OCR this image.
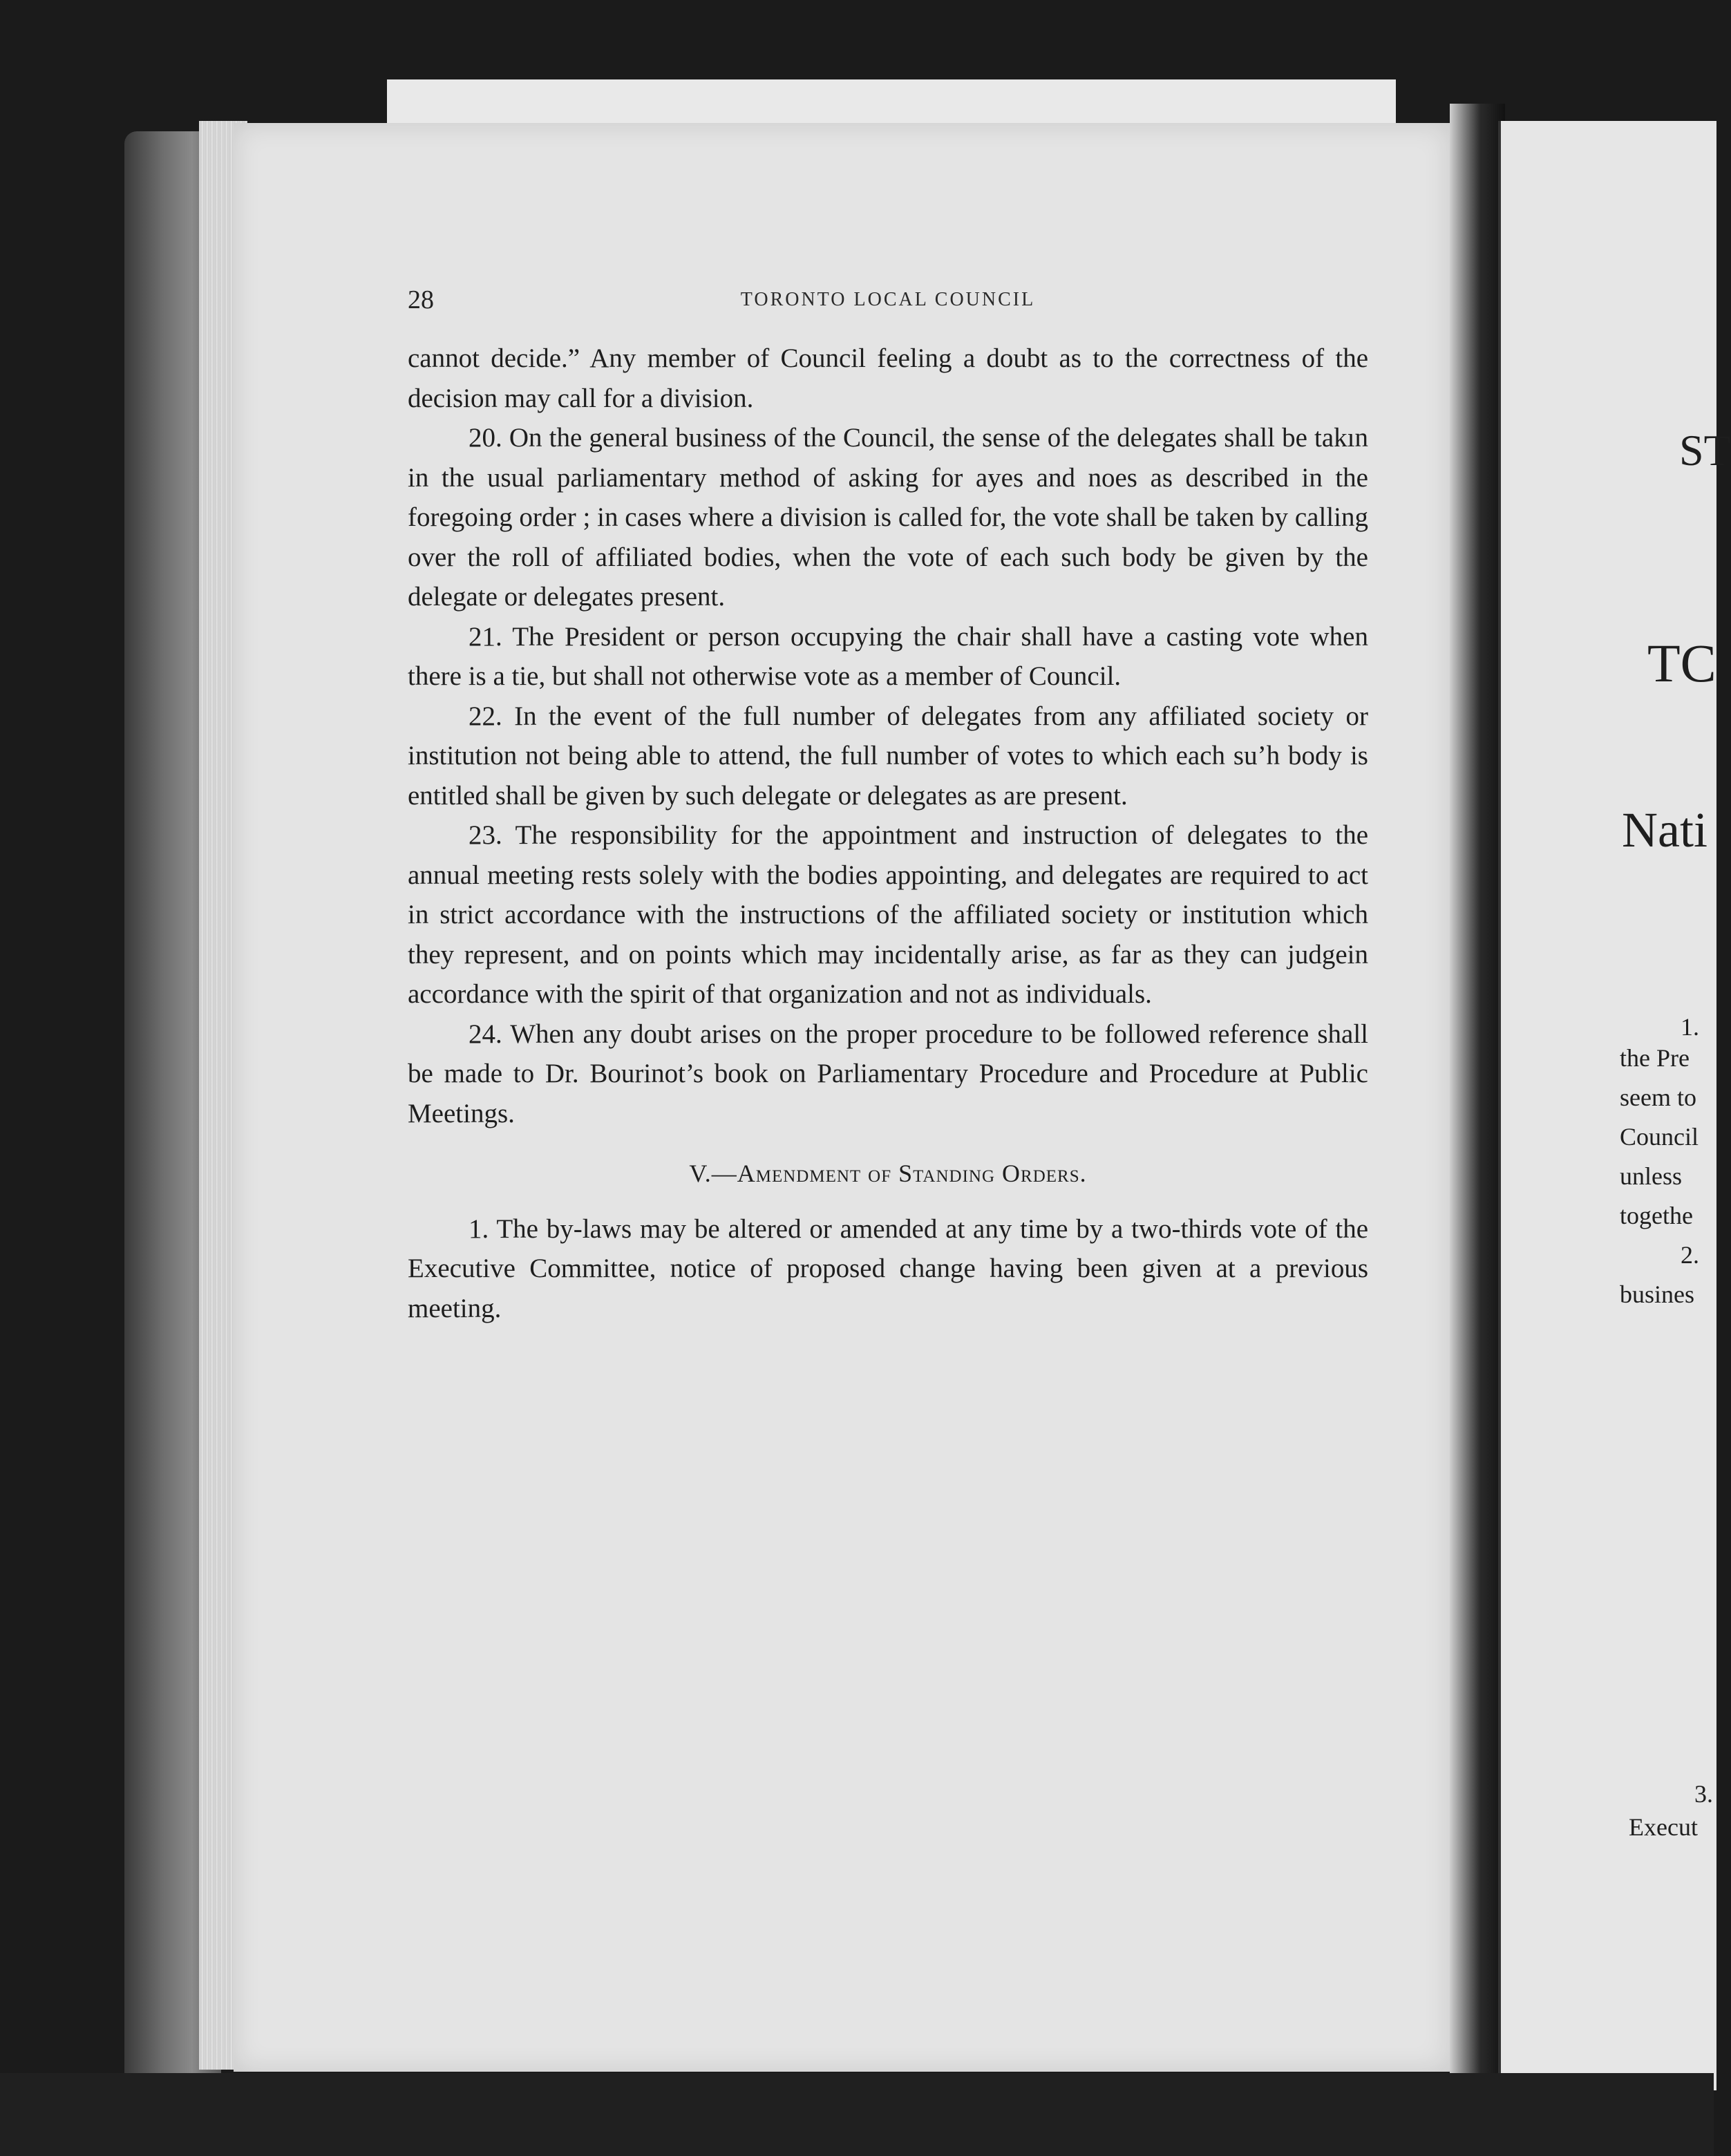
28	TORONTO LOCAL COUNCIL

cannot decide.” Any member of Council feeling a doubt as to the correctness of the decision may call for a division.

20. On the general business of the Council, the sense of the delegates shall be takın in the usual parliamentary method of asking for ayes and noes as described in the foregoing order ; in cases where a division is called for, the vote shall be taken by calling over the roll of affiliated bodies, when the vote of each such body be given by the delegate or delegates present.

21. The President or person occupying the chair shall have a casting vote when there is a tie, but shall not otherwise vote as a member of Council.

22. In the event of the full number of delegates from any affiliated society or institution not being able to attend, the full number of votes to which each suʼh body is entitled shall be given by such delegate or delegates as are present.

23. The responsibility for the appointment and instruction of delegates to the annual meeting rests solely with the bodies appointing, and delegates are required to act in strict accordance with the instructions of the affiliated society or institution which they represent, and on points which may incidentally arise, as far as they can judgein accordance with the spirit of that organization and not as individuals.

24. When any doubt arises on the proper procedure to be followed reference shall be made to Dr. Bourinot’s book on Parliamentary Procedure and Procedure at Public Meetings.

V.—Amendment of Standing Orders.

1. The by-laws may be altered or amended at any time by a two-thirds vote of the Executive Committee, notice of proposed change having been given at a previous meeting.

ST
TC
Nati
1.
the Pre
seem to
Council
unless
togethe
2.
busines
3.
Execut
